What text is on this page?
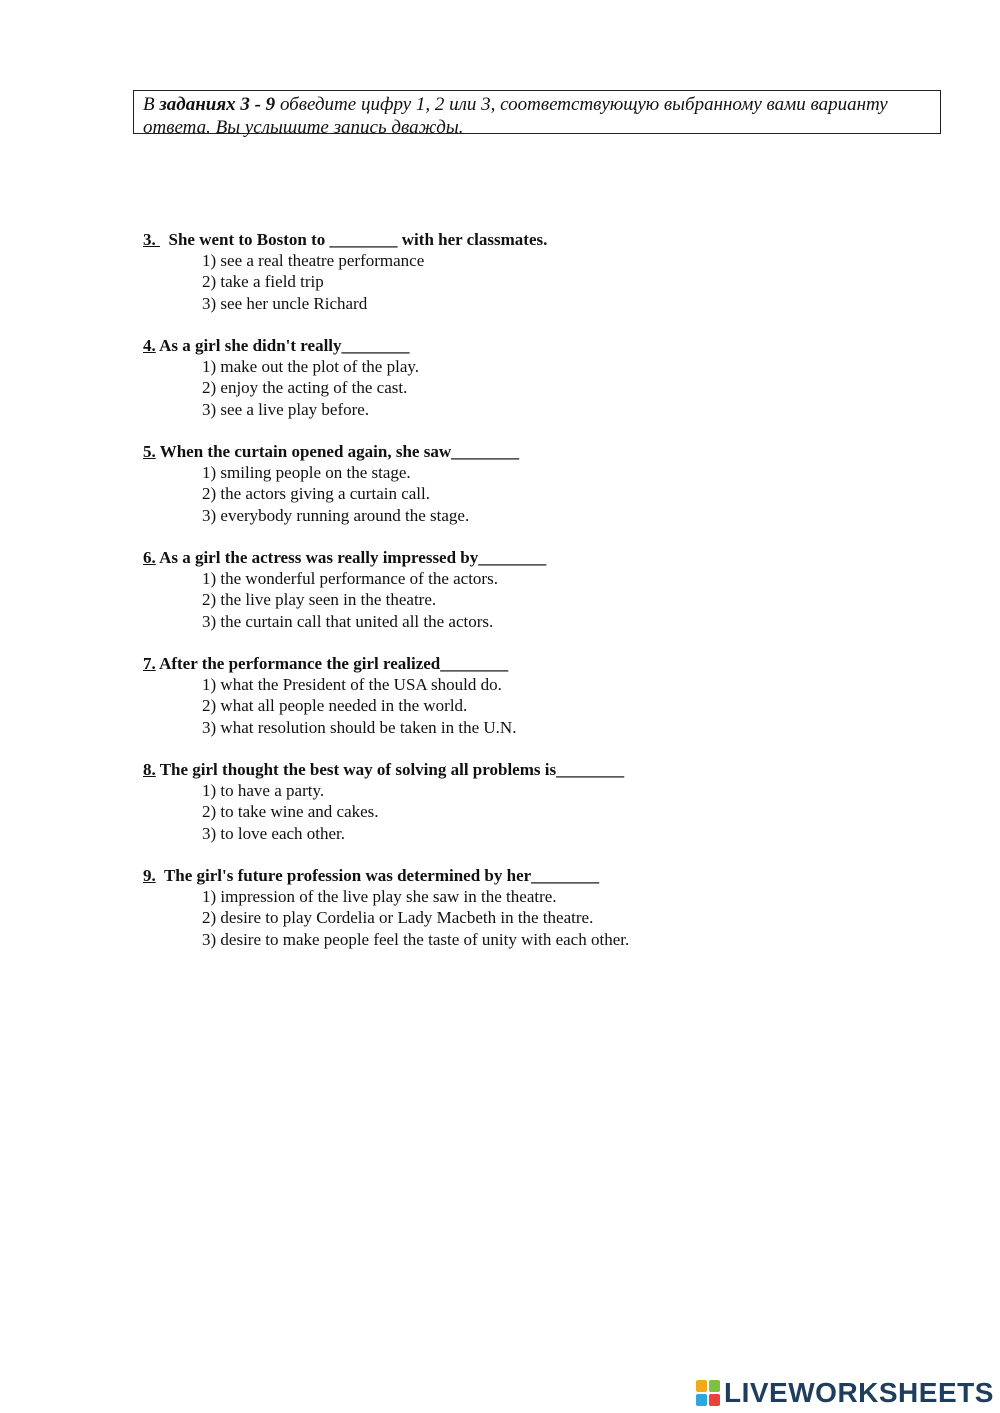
В заданиях 3 - 9 обведите цифру 1, 2 или 3, соответствующую выбранному вами варианту ответа. Вы услышите запись дважды.
3.   She went to Boston to ________ with her classmates.
1) see a real theatre performance
2) take a field trip
3) see her uncle Richard
4. As a girl she didn't really________
1) make out the plot of the play.
2) enjoy the acting of the cast.
3) see a live play before.
5. When the curtain opened again, she saw________
1) smiling people on the stage.
2) the actors giving a curtain call.
3) everybody running around the stage.
6. As a girl the actress was really impressed by________
1) the wonderful performance of the actors.
2) the live play seen in the theatre.
3) the curtain call that united all the actors.
7. After the performance the girl realized________
1) what the President of the USA should do.
2) what all people needed in the world.
3) what resolution should be taken in the U.N.
8. The girl thought the best way of solving all problems is________
1) to have a party.
2) to take wine and cakes.
3) to love each other.
9. The girl's future profession was determined by her________
1) impression of the live play she saw in the theatre.
2) desire to play Cordelia or Lady Macbeth in the theatre.
3) desire to make people feel the taste of unity with each other.
LIVEWORKSHEETS
